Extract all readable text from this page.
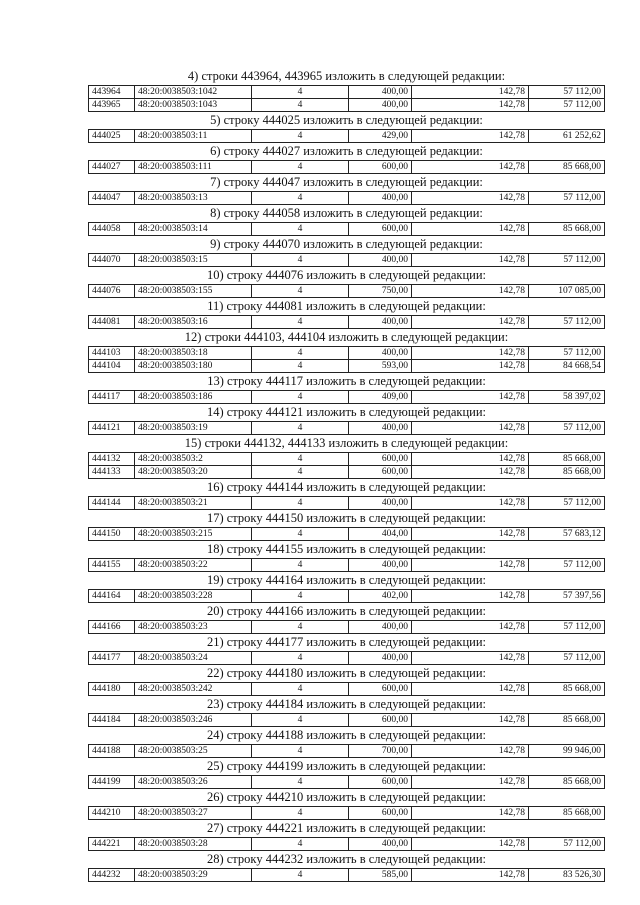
4) строки 443964, 443965 изложить в следующей редакции:
443964	48:20:0038503:1042	4	400,00	142,78	57 112,00
443965	48:20:0038503:1043	4	400,00	142,78	57 112,00
5) строку 444025 изложить в следующей редакции:
444025	48:20:0038503:11	4	429,00	142,78	61 252,62
6) строку 444027 изложить в следующей редакции:
444027	48:20:0038503:111	4	600,00	142,78	85 668,00
7) строку 444047 изложить в следующей редакции:
444047	48:20:0038503:13	4	400,00	142,78	57 112,00
8) строку 444058 изложить в следующей редакции:
444058	48:20:0038503:14	4	600,00	142,78	85 668,00
9) строку 444070 изложить в следующей редакции:
444070	48:20:0038503:15	4	400,00	142,78	57 112,00
10) строку 444076 изложить в следующей редакции:
444076	48:20:0038503:155	4	750,00	142,78	107 085,00
11) строку 444081 изложить в следующей редакции:
444081	48:20:0038503:16	4	400,00	142,78	57 112,00
12) строки 444103, 444104 изложить в следующей редакции:
444103	48:20:0038503:18	4	400,00	142,78	57 112,00
444104	48:20:0038503:180	4	593,00	142,78	84 668,54
13) строку 444117 изложить в следующей редакции:
444117	48:20:0038503:186	4	409,00	142,78	58 397,02
14) строку 444121 изложить в следующей редакции:
444121	48:20:0038503:19	4	400,00	142,78	57 112,00
15) строки 444132, 444133 изложить в следующей редакции:
444132	48:20:0038503:2	4	600,00	142,78	85 668,00
444133	48:20:0038503:20	4	600,00	142,78	85 668,00
16) строку 444144 изложить в следующей редакции:
444144	48:20:0038503:21	4	400,00	142,78	57 112,00
17) строку 444150 изложить в следующей редакции:
444150	48:20:0038503:215	4	404,00	142,78	57 683,12
18) строку 444155 изложить в следующей редакции:
444155	48:20:0038503:22	4	400,00	142,78	57 112,00
19) строку 444164 изложить в следующей редакции:
444164	48:20:0038503:228	4	402,00	142,78	57 397,56
20) строку 444166 изложить в следующей редакции:
444166	48:20:0038503:23	4	400,00	142,78	57 112,00
21) строку 444177 изложить в следующей редакции:
444177	48:20:0038503:24	4	400,00	142,78	57 112,00
22) строку 444180 изложить в следующей редакции:
444180	48:20:0038503:242	4	600,00	142,78	85 668,00
23) строку 444184 изложить в следующей редакции:
444184	48:20:0038503:246	4	600,00	142,78	85 668,00
24) строку 444188 изложить в следующей редакции:
444188	48:20:0038503:25	4	700,00	142,78	99 946,00
25) строку 444199 изложить в следующей редакции:
444199	48:20:0038503:26	4	600,00	142,78	85 668,00
26) строку 444210 изложить в следующей редакции:
444210	48:20:0038503:27	4	600,00	142,78	85 668,00
27) строку 444221 изложить в следующей редакции:
444221	48:20:0038503:28	4	400,00	142,78	57 112,00
28) строку 444232 изложить в следующей редакции:
444232	48:20:0038503:29	4	585,00	142,78	83 526,30
